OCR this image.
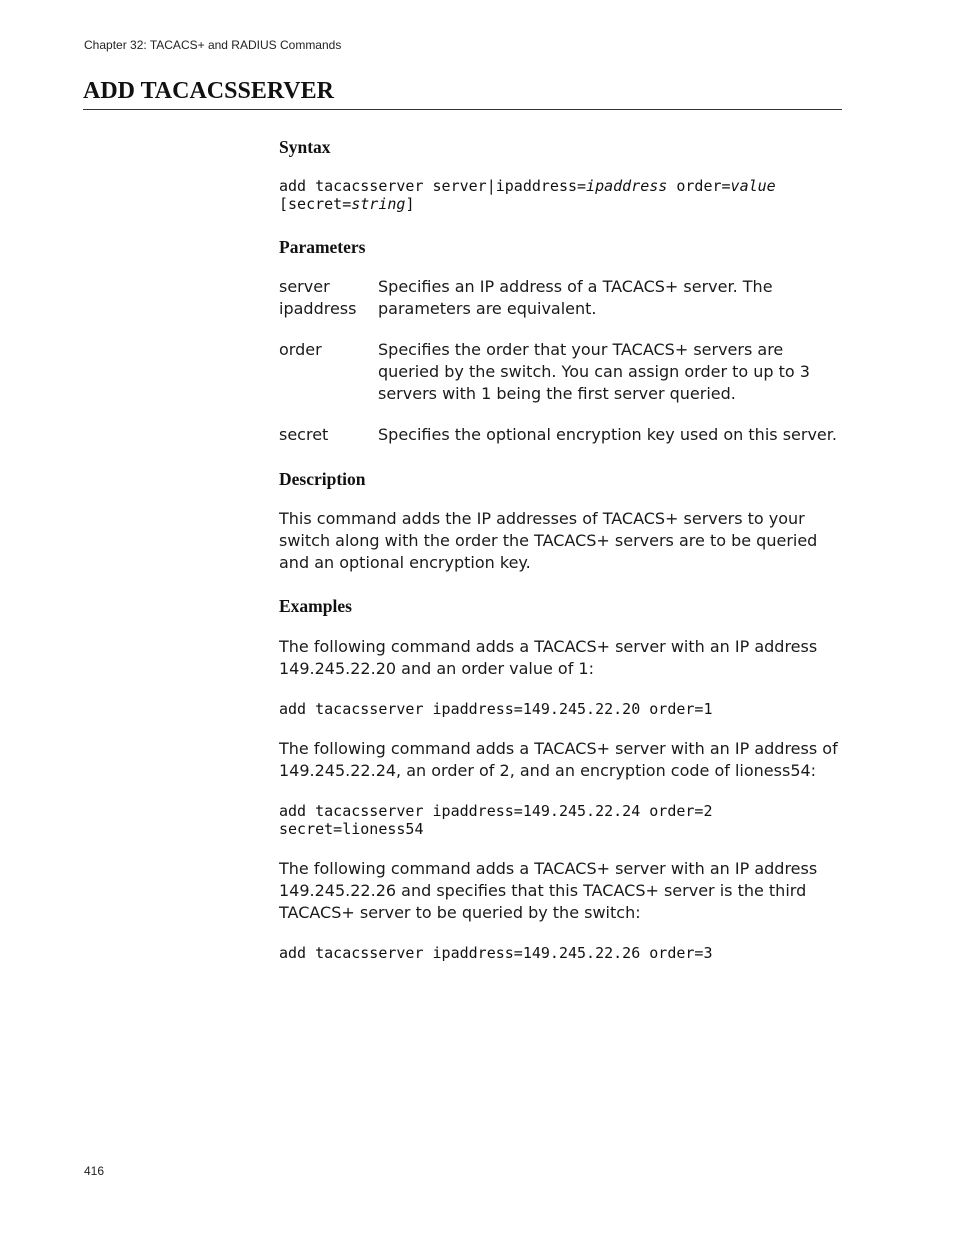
Chapter 32: TACACS+ and RADIUS Commands
ADD TACACSSERVER
Syntax
add tacacsserver server|ipaddress=ipaddress order=value
[secret=string]
Parameters
server
ipaddress
Specifies an IP address of a TACACS+ server. The parameters are equivalent.
order	Specifies the order that your TACACS+ servers are queried by the switch. You can assign order to up to 3 servers with 1 being the first server queried.
secret	Specifies the optional encryption key used on this server.
Description

This command adds the IP addresses of TACACS+ servers to your switch along with the order the TACACS+ servers are to be queried and an optional encryption key.

Examples

The following command adds a TACACS+ server with an IP address 149.245.22.20 and an order value of 1:

add tacacsserver ipaddress=149.245.22.20 order=1

The following command adds a TACACS+ server with an IP address of 149.245.22.24, an order of 2, and an encryption code of lioness54:

add tacacsserver ipaddress=149.245.22.24 order=2
secret=lioness54

The following command adds a TACACS+ server with an IP address 149.245.22.26 and specifies that this TACACS+ server is the third TACACS+ server to be queried by the switch:

add tacacsserver ipaddress=149.245.22.26 order=3
416
